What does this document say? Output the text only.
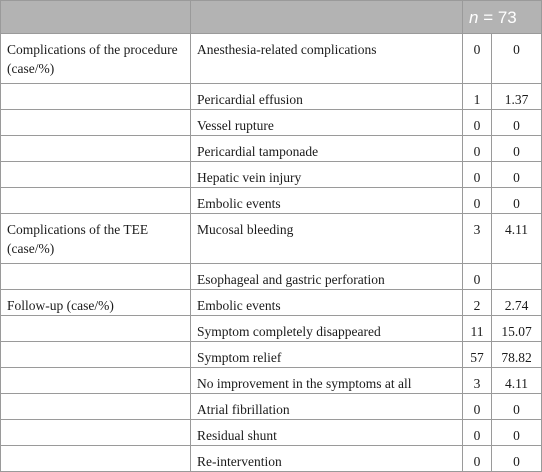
		n = 73	
Complications of the procedure (case/%)	Anesthesia-related complications	0	0
	Pericardial effusion	1	1.37
	Vessel rupture	0	0
	Pericardial tamponade	0	0
	Hepatic vein injury	0	0
	Embolic events	0	0
Complications of the TEE (case/%)	Mucosal bleeding	3	4.11
	Esophageal and gastric perforation	0	
Follow-up (case/%)	Embolic events	2	2.74
	Symptom completely disappeared	11	15.07
	Symptom relief	57	78.82
	No improvement in the symptoms at all	3	4.11
	Atrial fibrillation	0	0
	Residual shunt	0	0
	Re-intervention	0	0
